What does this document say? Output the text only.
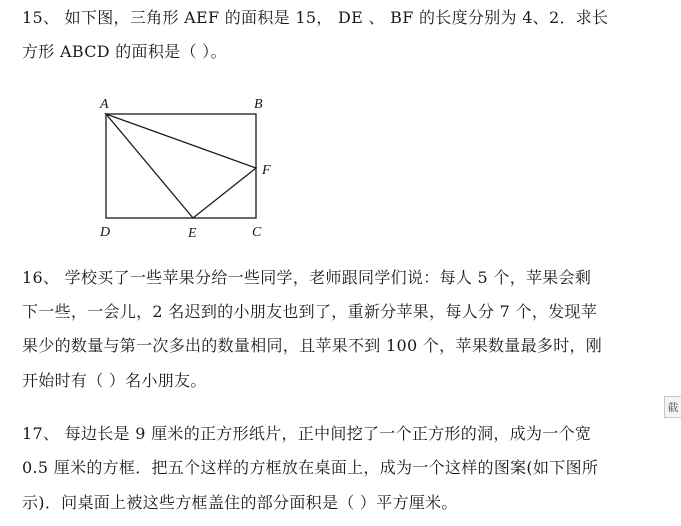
15、 如下图，三角形 AEF 的面积是 15， DE 、 BF 的长度分别为 4、2．求长
方形 ABCD 的面积是（ ）。
A	B
F
D	E	C
16、 学校买了一些苹果分给一些同学，老师跟同学们说：每人 5 个，苹果会剩
下一些，一会儿，2 名迟到的小朋友也到了，重新分苹果，每人分 7 个，发现苹
果少的数量与第一次多出的数量相同，且苹果不到 100 个，苹果数量最多时，刚
开始时有（ ）名小朋友。
截
17、 每边长是 9 厘米的正方形纸片，正中间挖了一个正方形的洞，成为一个宽
0.5 厘米的方框．把五个这样的方框放在桌面上，成为一个这样的图案(如下图所
示)．问桌面上被这些方框盖住的部分面积是（ ）平方厘米。
